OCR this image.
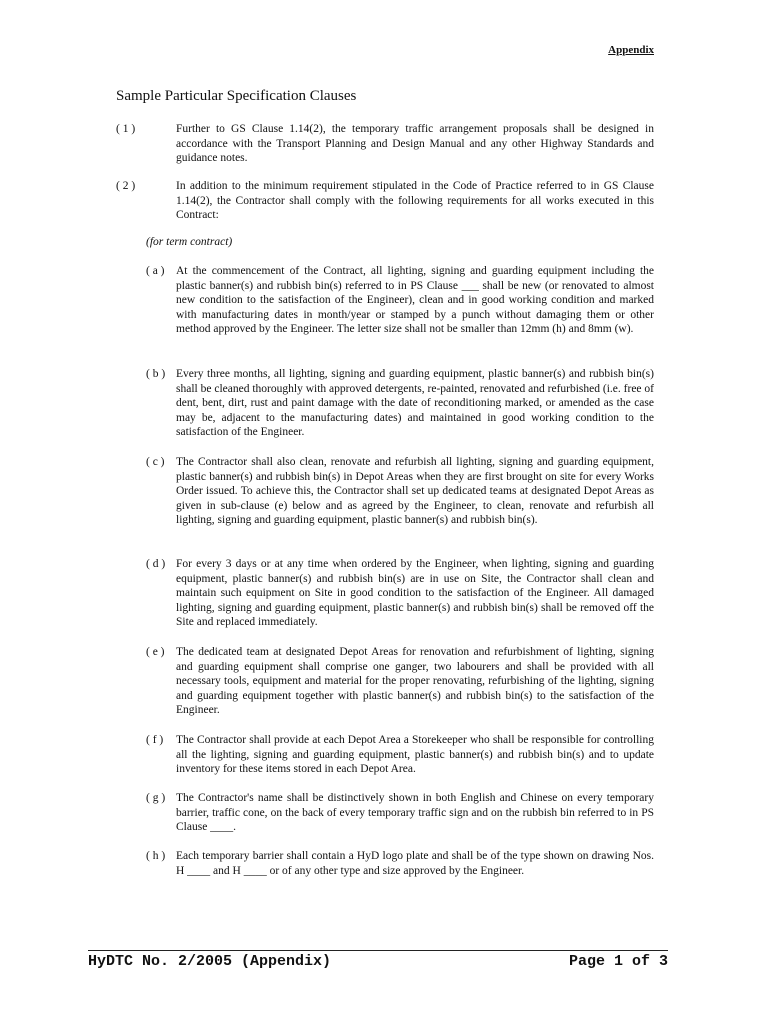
Appendix
Sample Particular Specification Clauses
( 1 )	Further to GS Clause 1.14(2), the temporary traffic arrangement proposals shall be designed in accordance with the Transport Planning and Design Manual and any other Highway Standards and guidance notes.
( 2 )	In addition to the minimum requirement stipulated in the Code of Practice referred to in GS Clause 1.14(2), the Contractor shall comply with the following requirements for all works executed in this Contract:
(for term contract)
( a ) At the commencement of the Contract, all lighting, signing and guarding equipment including the plastic banner(s) and rubbish bin(s) referred to in PS Clause ___ shall be new (or renovated to almost new condition to the satisfaction of the Engineer), clean and in good working condition and marked with manufacturing dates in month/year or stamped by a punch without damaging them or other method approved by the Engineer. The letter size shall not be smaller than 12mm (h) and 8mm (w).
( b ) Every three months, all lighting, signing and guarding equipment, plastic banner(s) and rubbish bin(s) shall be cleaned thoroughly with approved detergents, re-painted, renovated and refurbished (i.e. free of dent, bent, dirt, rust and paint damage with the date of reconditioning marked, or amended as the case may be, adjacent to the manufacturing dates) and maintained in good working condition to the satisfaction of the Engineer.
( c ) The Contractor shall also clean, renovate and refurbish all lighting, signing and guarding equipment, plastic banner(s) and rubbish bin(s) in Depot Areas when they are first brought on site for every Works Order issued. To achieve this, the Contractor shall set up dedicated teams at designated Depot Areas as given in sub-clause (e) below and as agreed by the Engineer, to clean, renovate and refurbish all lighting, signing and guarding equipment, plastic banner(s) and rubbish bin(s).
( d ) For every 3 days or at any time when ordered by the Engineer, when lighting, signing and guarding equipment, plastic banner(s) and rubbish bin(s) are in use on Site, the Contractor shall clean and maintain such equipment on Site in good condition to the satisfaction of the Engineer. All damaged lighting, signing and guarding equipment, plastic banner(s) and rubbish bin(s) shall be removed off the Site and replaced immediately.
( e ) The dedicated team at designated Depot Areas for renovation and refurbishment of lighting, signing and guarding equipment shall comprise one ganger, two labourers and shall be provided with all necessary tools, equipment and material for the proper renovating, refurbishing of the lighting, signing and guarding equipment together with plastic banner(s) and rubbish bin(s) to the satisfaction of the Engineer.
( f )	The Contractor shall provide at each Depot Area a Storekeeper who shall be responsible for controlling all the lighting, signing and guarding equipment, plastic banner(s) and rubbish bin(s) and to update inventory for these items stored in each Depot Area.
( g ) The Contractor's name shall be distinctively shown in both English and Chinese on every temporary barrier, traffic cone, on the back of every temporary traffic sign and on the rubbish bin referred to in PS Clause ____.
( h ) Each temporary barrier shall contain a HyD logo plate and shall be of the type shown on drawing Nos. H ____ and H ____ or of any other type and size approved by the Engineer.
HyDTC No. 2/2005 (Appendix)	Page 1 of 3
